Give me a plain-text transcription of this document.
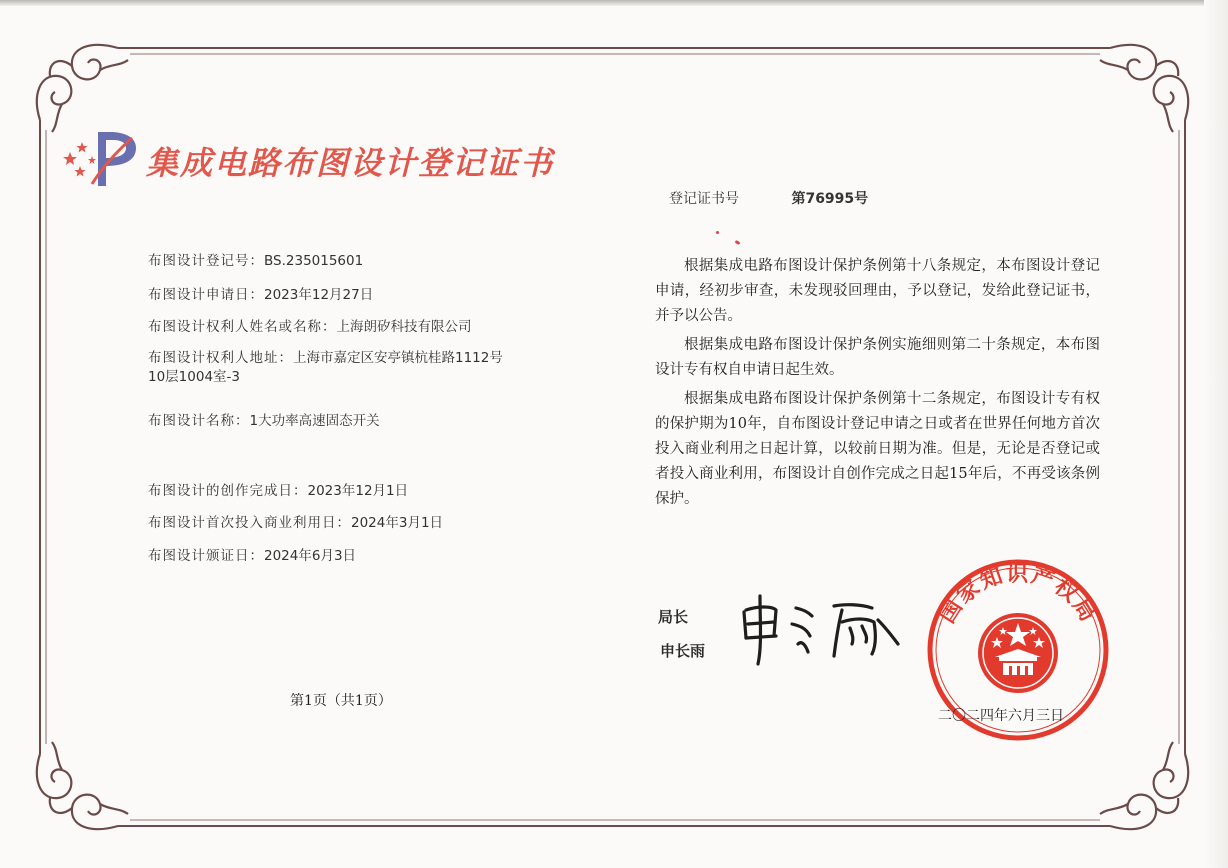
集成电路布图设计登记证书
登记证书号	第76995号
布图设计登记号：BS.235015601
布图设计申请日：2023年12月27日
布图设计权利人姓名或名称：上海朗矽科技有限公司
布图设计权利人地址：上海市嘉定区安亭镇杭桂路1112号10层1004室-3
布图设计名称：1大功率高速固态开关
布图设计的创作完成日：2023年12月1日
布图设计首次投入商业利用日：2024年3月1日
布图设计颁证日：2024年6月3日
根据集成电路布图设计保护条例第十八条规定，本布图设计登记申请，经初步审查，未发现驳回理由，予以登记，发给此登记证书，并予以公告。
根据集成电路布图设计保护条例实施细则第二十条规定，本布图设计专有权自申请日起生效。
根据集成电路布图设计保护条例第十二条规定，布图设计专有权的保护期为10年，自布图设计登记申请之日或者在世界任何地方首次投入商业利用之日起计算，以较前日期为准。但是，无论是否登记或者投入商业利用，布图设计自创作完成之日起15年后，不再受该条例保护。
局长
申长雨
国家知识产权局
二〇二四年六月三日
第1页（共1页）
